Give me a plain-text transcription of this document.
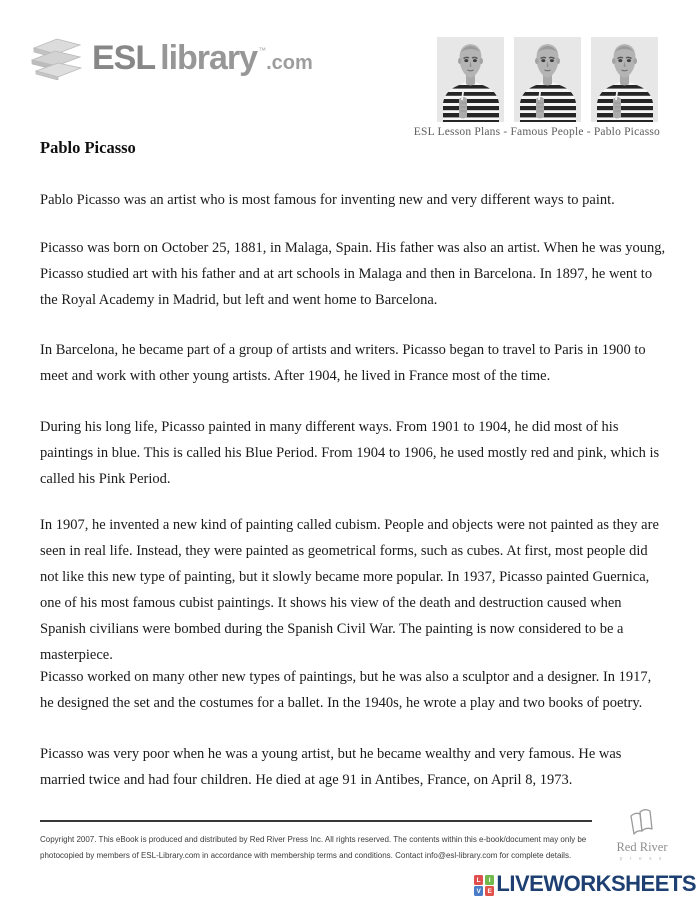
ESL library ™
.com
ESL Lesson Plans - Famous People - Pablo Picasso
Pablo Picasso

Pablo Picasso was an artist who is most famous for inventing new and very different ways to paint.

Picasso was born on October 25, 1881, in Malaga, Spain. His father was also an artist. When he was young, Picasso studied art with his father and at art schools in Malaga and then in Barcelona. In 1897, he went to the Royal Academy in Madrid, but left and went home to Barcelona.

In Barcelona, he became part of a group of artists and writers. Picasso began to travel to Paris in 1900 to meet and work with other young artists. After 1904, he lived in France most of the time.

During his long life, Picasso painted in many different ways. From 1901 to 1904, he did most of his paintings in blue. This is called his Blue Period. From 1904 to 1906, he used mostly red and pink, which is called his Pink Period.

In 1907, he invented a new kind of painting called cubism. People and objects were not painted as they are seen in real life. Instead, they were painted as geometrical forms, such as cubes. At first, most people did not like this new type of painting, but it slowly became more popular. In 1937, Picasso painted Guernica, one of his most famous cubist paintings. It shows his view of the death and destruction caused when Spanish civilians were bombed during the Spanish Civil War. The painting is now considered to be a masterpiece.

Picasso worked on many other new types of paintings, but he was also a sculptor and a designer. In 1917, he designed the set and the costumes for a ballet. In the 1940s, he wrote a play and two books of poetry.

Picasso was very poor when he was a young artist, but he became wealthy and very famous. He was married twice and had four children. He died at age 91 in Antibes, France, on April 8, 1973.

Copyright 2007. This eBook is produced and distributed by Red River Press Inc. All rights reserved. The contents within this e-book/document may only be
photocopied by members of ESL-Library.com in accordance with membership terms and conditions. Contact info@esl-library.com for complete details.
Red River
p r e s s
L	I
V	E LIVEWORKSHEETS
